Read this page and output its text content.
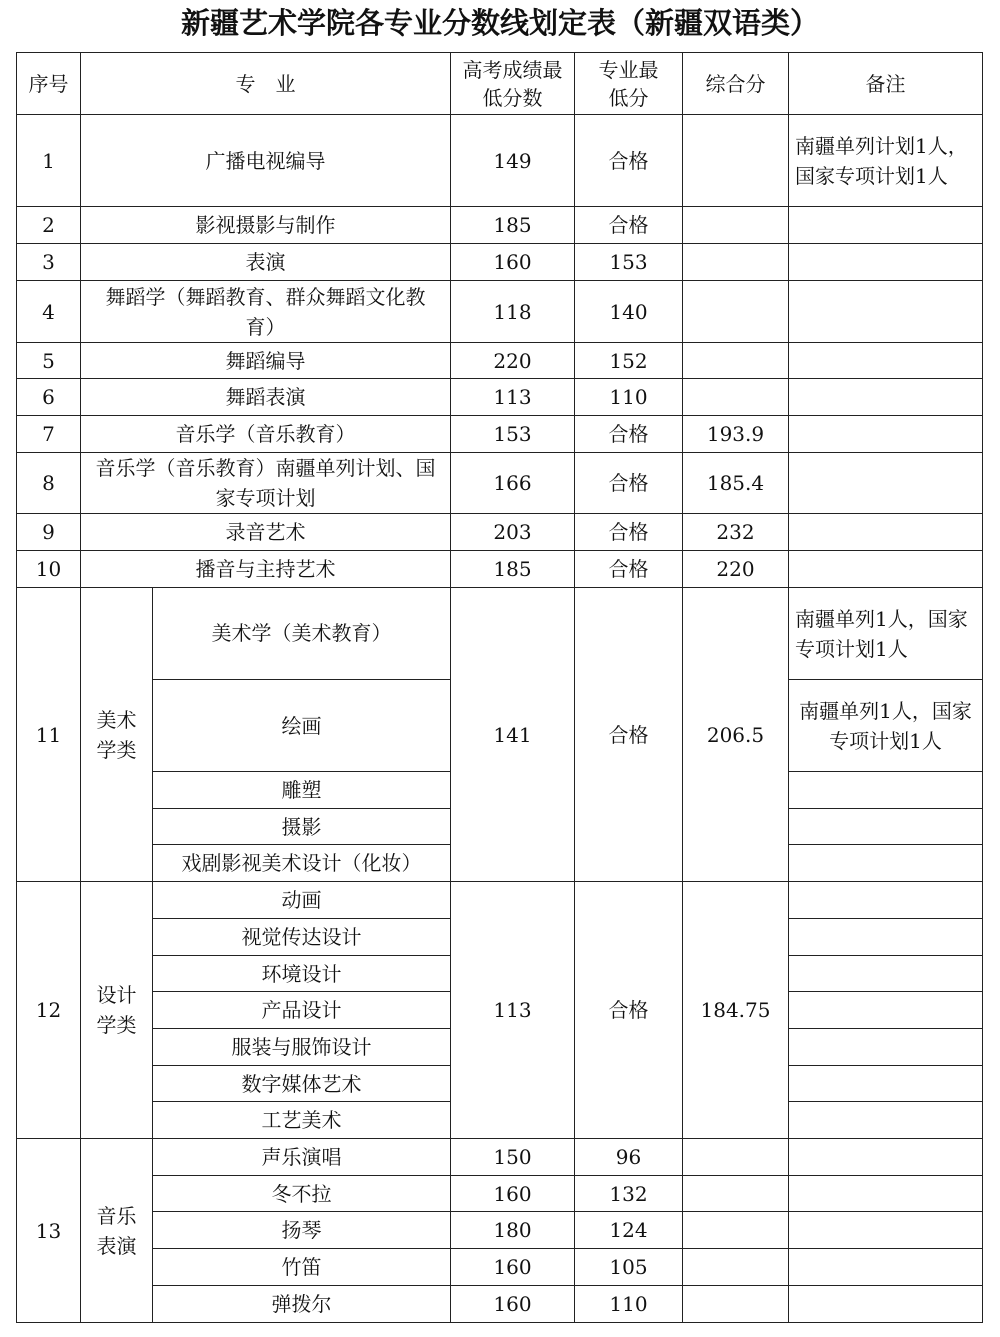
新疆艺术学院各专业分数线划定表（新疆双语类）
序号	专　业		高考成绩最低分数	专业最低分	综合分	备注
1	广播电视编导		149	合格		南疆单列计划1人，国家专项计划1人
2	影视摄影与制作		185	合格		
3	表演		160	153		
4	舞蹈学（舞蹈教育、群众舞蹈文化教育）		118	140		
5	舞蹈编导		220	152		
6	舞蹈表演		113	110		
7	音乐学（音乐教育）		153	合格	193.9	
8	音乐学（音乐教育）南疆单列计划、国家专项计划		166	合格	185.4	
9	录音艺术		203	合格	232	
10	播音与主持艺术		185	合格	220	
11	美术学类	美术学（美术教育）	141	合格	206.5	南疆单列1人，国家专项计划1人
		绘画				南疆单列1人，国家专项计划1人
		雕塑				
		摄影				
		戏剧影视美术设计（化妆）				
12	设计学类	动画	113	合格	184.75	
		视觉传达设计				
		环境设计				
		产品设计				
		服装与服饰设计				
		数字媒体艺术				
		工艺美术				
13	音乐表演	声乐演唱	150	96		
		冬不拉	160	132		
		扬琴	180	124		
		竹笛	160	105		
		弹拨尔	160	110		
